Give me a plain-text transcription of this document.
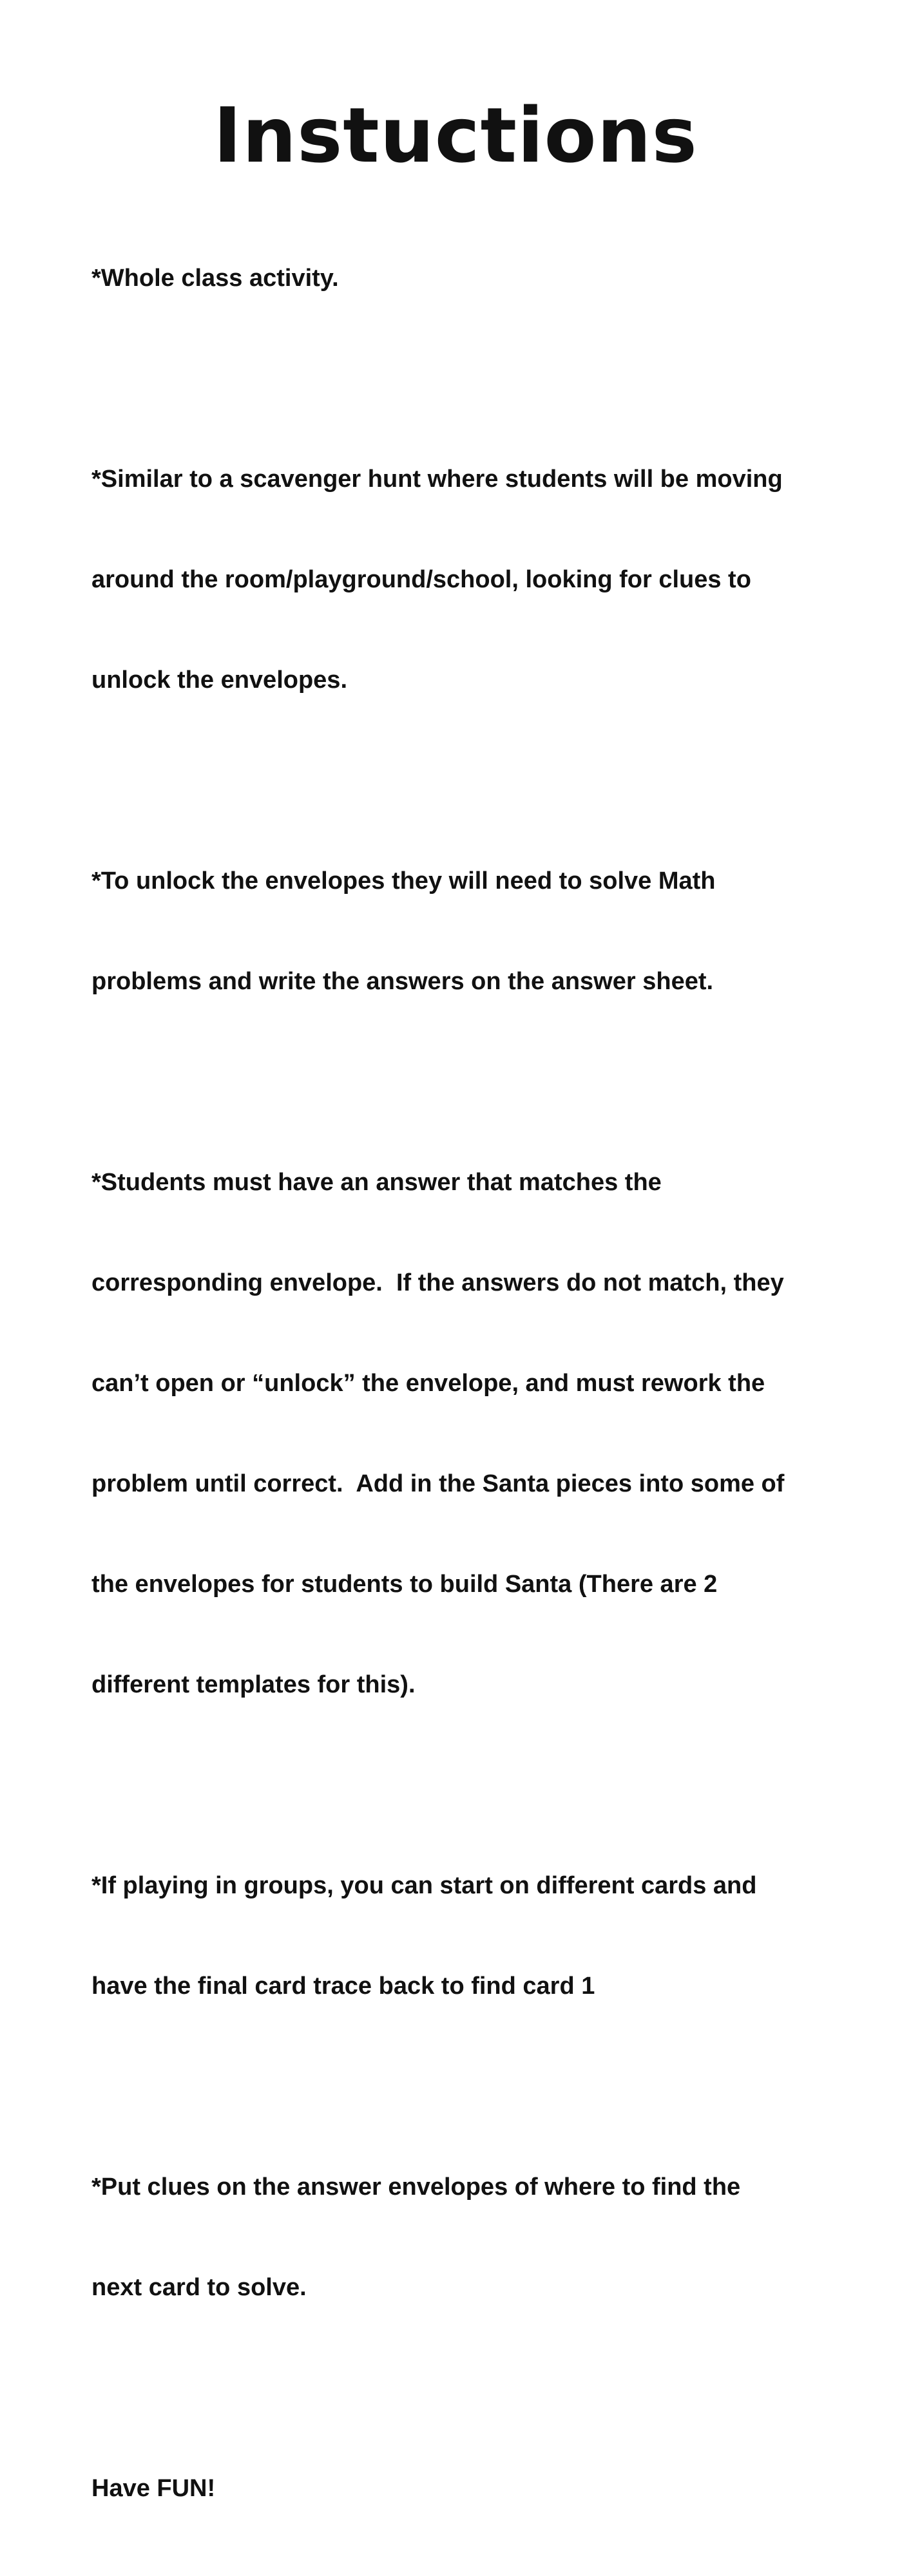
Instuctions

*Whole class activity.

*Similar to a scavenger hunt where students will be moving

around the room/playground/school, looking for clues to

unlock the envelopes.

*To unlock the envelopes they will need to solve Math

problems and write the answers on the answer sheet.

*Students must have an answer that matches the

corresponding envelope.  If the answers do not match, they

can’t open or “unlock” the envelope, and must rework the

problem until correct.  Add in the Santa pieces into some of

the envelopes for students to build Santa (There are 2

different templates for this).

*If playing in groups, you can start on different cards and

have the final card trace back to find card 1

*Put clues on the answer envelopes of where to find the

next card to solve.

Have FUN!
